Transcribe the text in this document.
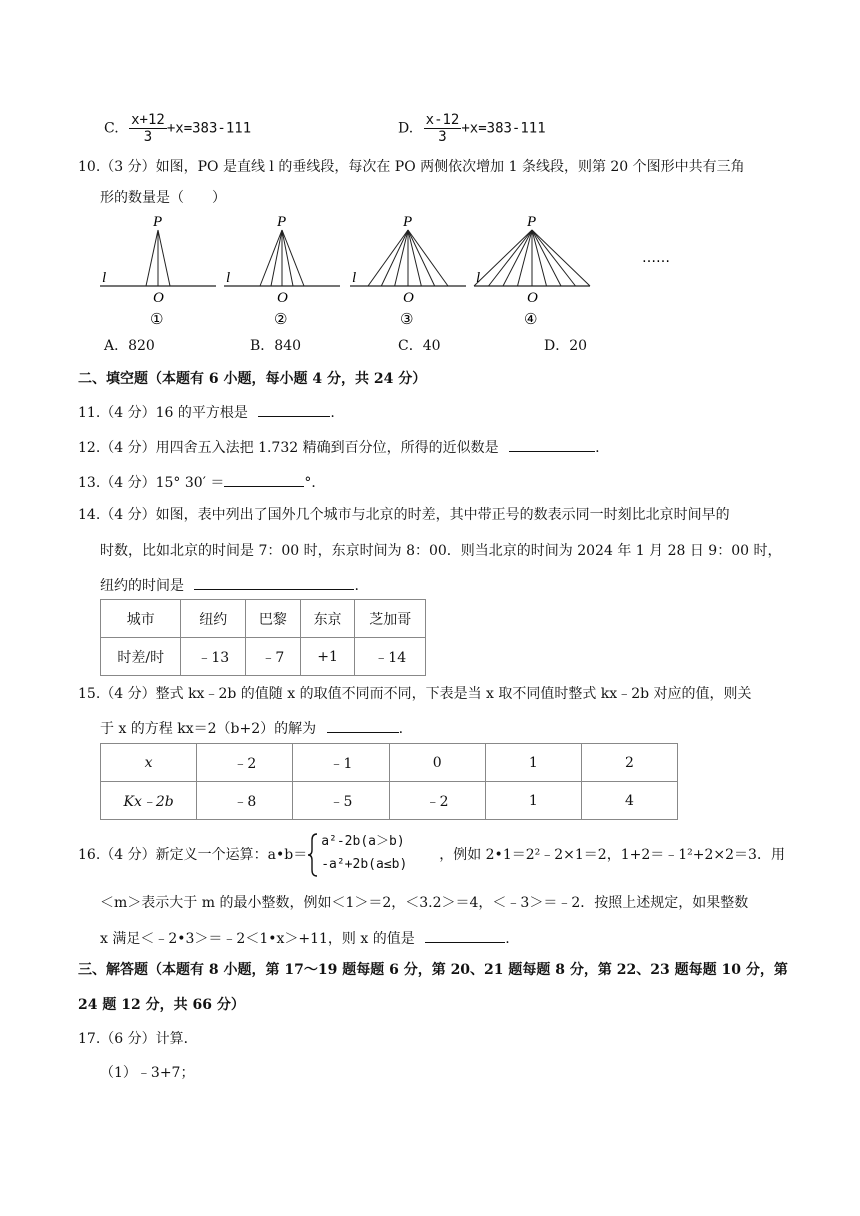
C. $\frac{x+12}{3} +x=383-111$	D. $\frac{x-12}{3} +x=383-111$
10.（3 分）如图，PO 是直线 l 的垂线段，每次在 PO 两侧依次增加 1 条线段，则第 20 个图形中共有三角
形的数量是（　　）
P
l
O
①
P
l
O
②
P
l
O
③
P
l
O
④
……
A．820	B．840	C．40	D．20
二、填空题（本题有 6 小题，每小题 4 分，共 24 分）
11.（4 分）16 的平方根是	.
12.（4 分）用四舍五入法把 1.732 精确到百分位，所得的近似数是	.
13.（4 分）15° 30′ ＝	°．
14.（4 分）如图，表中列出了国外几个城市与北京的时差，其中带正号的数表示同一时刻比北京时间早的
时数，比如北京的时间是 7：00 时，东京时间为 8：00．则当北京的时间为 2024 年 1 月 28 日 9：00 时，
纽约的时间是	.
城市	纽约	巴黎	东京	芝加哥
时差/时	﹣13	﹣7	+1	﹣14
15.（4 分）整式 kx﹣2b 的值随 x 的取值不同而不同，下表是当 x 取不同值时整式 kx﹣2b 对应的值，则关
于 x 的方程 kx＝2（b+2）的解为	.
x	﹣2	﹣1	0	1	2
Kx﹣2b	﹣8	﹣5	﹣2	1	4
16.（4 分）新定义一个运算：a•b＝
a²-2b(a＞b)
-a²+2b(a≤b)
，例如 2•1＝2²﹣2×1＝2，1+2＝﹣1²+2×2＝3．用
＜m＞表示大于 m 的最小整数，例如＜1＞＝2，＜3.2＞＝4，＜﹣3＞＝﹣2．按照上述规定，如果整数
x 满足＜﹣2•3＞＝﹣2＜1•x＞+11，则 x 的值是	.
三、解答题（本题有 8 小题，第 17～19 题每题 6 分，第 20、21 题每题 8 分，第 22、23 题每题 10 分，第
24 题 12 分，共 66 分）
17.（6 分）计算．
（1）﹣3+7；
